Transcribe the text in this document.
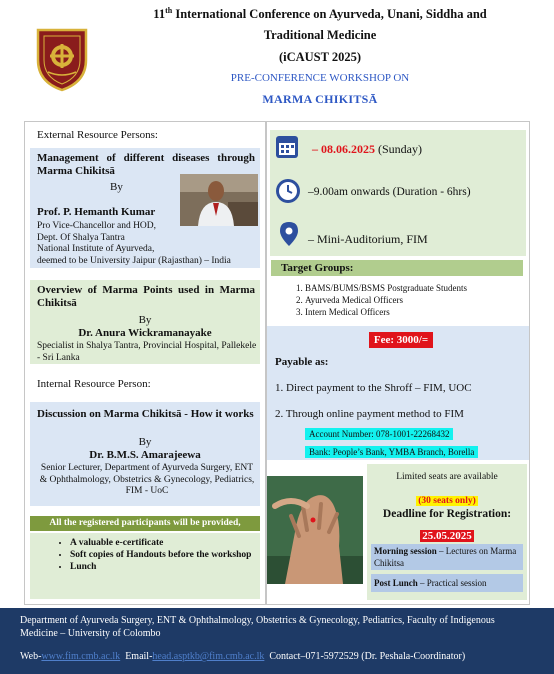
11th International Conference on Ayurveda, Unani, Siddha and
Traditional Medicine
(iCAUST 2025)
PRE-CONFERENCE WORKSHOP ON
MARMA CHIKITSĀ
External Resource Persons:
Management of different diseases through Marma Chikitsā
By
Prof. P. Hemanth Kumar
Pro Vice-Chancellor and HOD,
Dept. Of Shalya Tantra
National Institute of Ayurveda,
deemed to be University Jaipur (Rajasthan) – India
Overview of Marma Points used in Marma Chikitsā
By
Dr. Anura Wickramanayake
Specialist in Shalya Tantra, Provincial Hospital, Pallekele - Sri Lanka
Internal Resource Person:
Discussion on Marma Chikitsā - How it works
By
Dr. B.M.S. Amarajeewa
Senior Lecturer, Department of Ayurveda Surgery, ENT & Ophthalmology, Obstetrics & Gynecology, Pediatrics, FIM - UoC
All the registered participants will be provided,
• A valuable e-certificate
• Soft copies of Handouts before the workshop
• Lunch
– 08.06.2025 (Sunday)
–9.00am onwards (Duration - 6hrs)
– Mini-Auditorium, FIM
Target Groups:
1. BAMS/BUMS/BSMS Postgraduate Students
2. Ayurveda Medical Officers
3. Intern Medical Officers
Fee: 3000/=
Payable as:
1. Direct payment to the Shroff – FIM, UOC
2. Through online payment method to FIM
Account Number: 078-1001-22268432
Bank: People’s Bank, YMBA Branch, Borella
Limited seats are available
(30 seats only)
Deadline for Registration:
25.05.2025
Morning session – Lectures on Marma Chikitsa
Post Lunch – Practical session
Department of Ayurveda Surgery, ENT & Ophthalmology, Obstetrics & Gynecology, Pediatrics, Faculty of Indigenous Medicine – University of Colombo
Web-www.fim.cmb.ac.lk Email-head.asptkb@fim.cmb.ac.lk Contact–071-5972529 (Dr. Peshala-Coordinator)
